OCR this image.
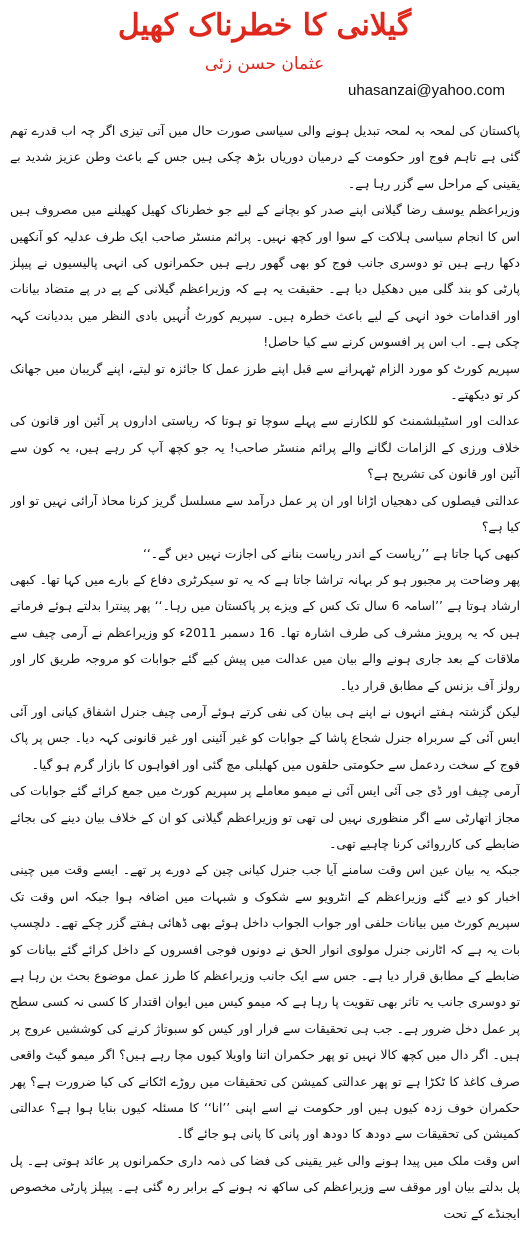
گیلانی کا خطرناک کھیل
عثمان حسن زئی
uhasanzai@yahoo.com

پاکستان کی لمحہ بہ لمحہ تبدیل ہونے والی سیاسی صورت حال میں آتی تیزی اگر چہ اب قدرے تھم گئی ہے تاہم فوج اور حکومت کے درمیان دوریاں بڑھ چکی ہیں جس کے باعث وطن عزیز شدید بے یقینی کے مراحل سے گزر رہا ہے۔

وزیراعظم یوسف رضا گیلانی اپنے صدر کو بچانے کے لیے جو خطرناک کھیل کھیلنے میں مصروف ہیں اس کا انجام سیاسی ہلاکت کے سوا اور کچھ نہیں۔ پرائم منسٹر صاحب ایک طرف عدلیہ کو آنکھیں دکھا رہے ہیں تو دوسری جانب فوج کو بھی گھور رہے ہیں حکمرانوں کی انہی پالیسیوں نے پیپلز پارٹی کو بند گلی میں دھکیل دیا ہے۔ حقیقت یہ ہے کہ وزیراعظم گیلانی کے پے در پے متضاد بیانات اور اقدامات خود انہی کے لیے باعث خطرہ ہیں۔ سپریم کورٹ اُنہیں بادی النظر میں بددیانت کہہ چکی ہے۔ اب اس پر افسوس کرنے سے کیا حاصل!

سپریم کورٹ کو مورد الزام ٹھہرانے سے قبل اپنے طرز عمل کا جائزہ تو لیتے، اپنے گریبان میں جھانک کر تو دیکھتے۔

عدالت اور اسٹیبلشمنٹ کو للکارنے سے پہلے سوچا تو ہوتا کہ ریاستی اداروں پر آئین اور قانون کی خلاف ورزی کے الزامات لگانے والے پرائم منسٹر صاحب! یہ جو کچھ آپ کر رہے ہیں، یہ کون سے آئین اور قانون کی تشریح ہے؟

عدالتی فیصلوں کی دھجیاں اڑانا اور ان پر عمل درآمد سے مسلسل گریز کرنا محاذ آرائی نہیں تو اور کیا ہے؟

کبھی کہا جاتا ہے ’’ریاست کے اندر ریاست بنانے کی اجازت نہیں دیں گے۔‘‘

پھر وضاحت پر مجبور ہو کر بہانہ تراشا جاتا ہے کہ یہ تو سیکرٹری دفاع کے بارے میں کہا تھا۔ کبھی ارشاد ہوتا ہے ’’اسامہ 6 سال تک کس کے ویزے پر پاکستان میں رہا۔‘‘ پھر پینترا بدلتے ہوئے فرماتے ہیں کہ یہ پرویز مشرف کی طرف اشارہ تھا۔ 16 دسمبر 2011ء کو وزیراعظم نے آرمی چیف سے ملاقات کے بعد جاری ہونے والے بیان میں عدالت میں پیش کیے گئے جوابات کو مروجہ طریق کار اور رولز آف بزنس کے مطابق قرار دیا۔

لیکن گزشتہ ہفتے انہوں نے اپنے ہی بیان کی نفی کرتے ہوئے آرمی چیف جنرل اشفاق کیانی اور آئی ایس آئی کے سربراہ جنرل شجاع پاشا کے جوابات کو غیر آئینی اور غیر قانونی کہہ دیا۔ جس پر پاک فوج کے سخت ردعمل سے حکومتی حلقوں میں کھلبلی مچ گئی اور افواہوں کا بازار گرم ہو گیا۔

آرمی چیف اور ڈی جی آئی ایس آئی نے میمو معاملے پر سپریم کورٹ میں جمع کرائے گئے جوابات کی مجاز اتھارٹی سے اگر منظوری نہیں لی تھی تو وزیراعظم گیلانی کو ان کے خلاف بیان دینے کی بجائے ضابطے کی کارروائی کرنا چاہیے تھی۔

جبکہ یہ بیان عین اس وقت سامنے آیا جب جنرل کیانی چین کے دورے پر تھے۔ ایسے وقت میں چینی اخبار کو دیے گئے وزیراعظم کے انٹرویو سے شکوک و شبہات میں اضافہ ہوا جبکہ اس وقت تک سپریم کورٹ میں بیانات حلفی اور جواب الجواب داخل ہوئے بھی ڈھائی ہفتے گزر چکے تھے۔ دلچسپ بات یہ ہے کہ اٹارنی جنرل مولوی انوار الحق نے دونوں فوجی افسروں کے داخل کرائے گئے بیانات کو ضابطے کے مطابق قرار دیا ہے۔ جس سے ایک جانب وزیراعظم کا طرز عمل موضوع بحث بن رہا ہے تو دوسری جانب یہ تاثر بھی تقویت پا رہا ہے کہ میمو کیس میں ایوان اقتدار کا کسی نہ کسی سطح پر عمل دخل ضرور ہے۔ جب ہی تحقیقات سے فرار اور کیس کو سبوتاژ کرنے کی کوششیں عروج پر ہیں۔ اگر دال میں کچھ کالا نہیں تو پھر حکمران اتنا واویلا کیوں مچا رہے ہیں؟ اگر میمو گیٹ واقعی صرف کاغذ کا ٹکڑا ہے تو پھر عدالتی کمیشن کی تحقیقات میں روڑے اٹکانے کی کیا ضرورت ہے؟ پھر حکمران خوف زدہ کیوں ہیں اور حکومت نے اسے اپنی ’’انا‘‘ کا مسئلہ کیوں بنایا ہوا ہے؟ عدالتی کمیشن کی تحقیقات سے دودھ کا دودھ اور پانی کا پانی ہو جائے گا۔

اس وقت ملک میں پیدا ہونے والی غیر یقینی کی فضا کی ذمہ داری حکمرانوں پر عائد ہوتی ہے۔ پل پل بدلتے بیان اور موقف سے وزیراعظم کی ساکھ نہ ہونے کے برابر رہ گئی ہے۔ پیپلز پارٹی مخصوص ایجنڈے کے تحت
